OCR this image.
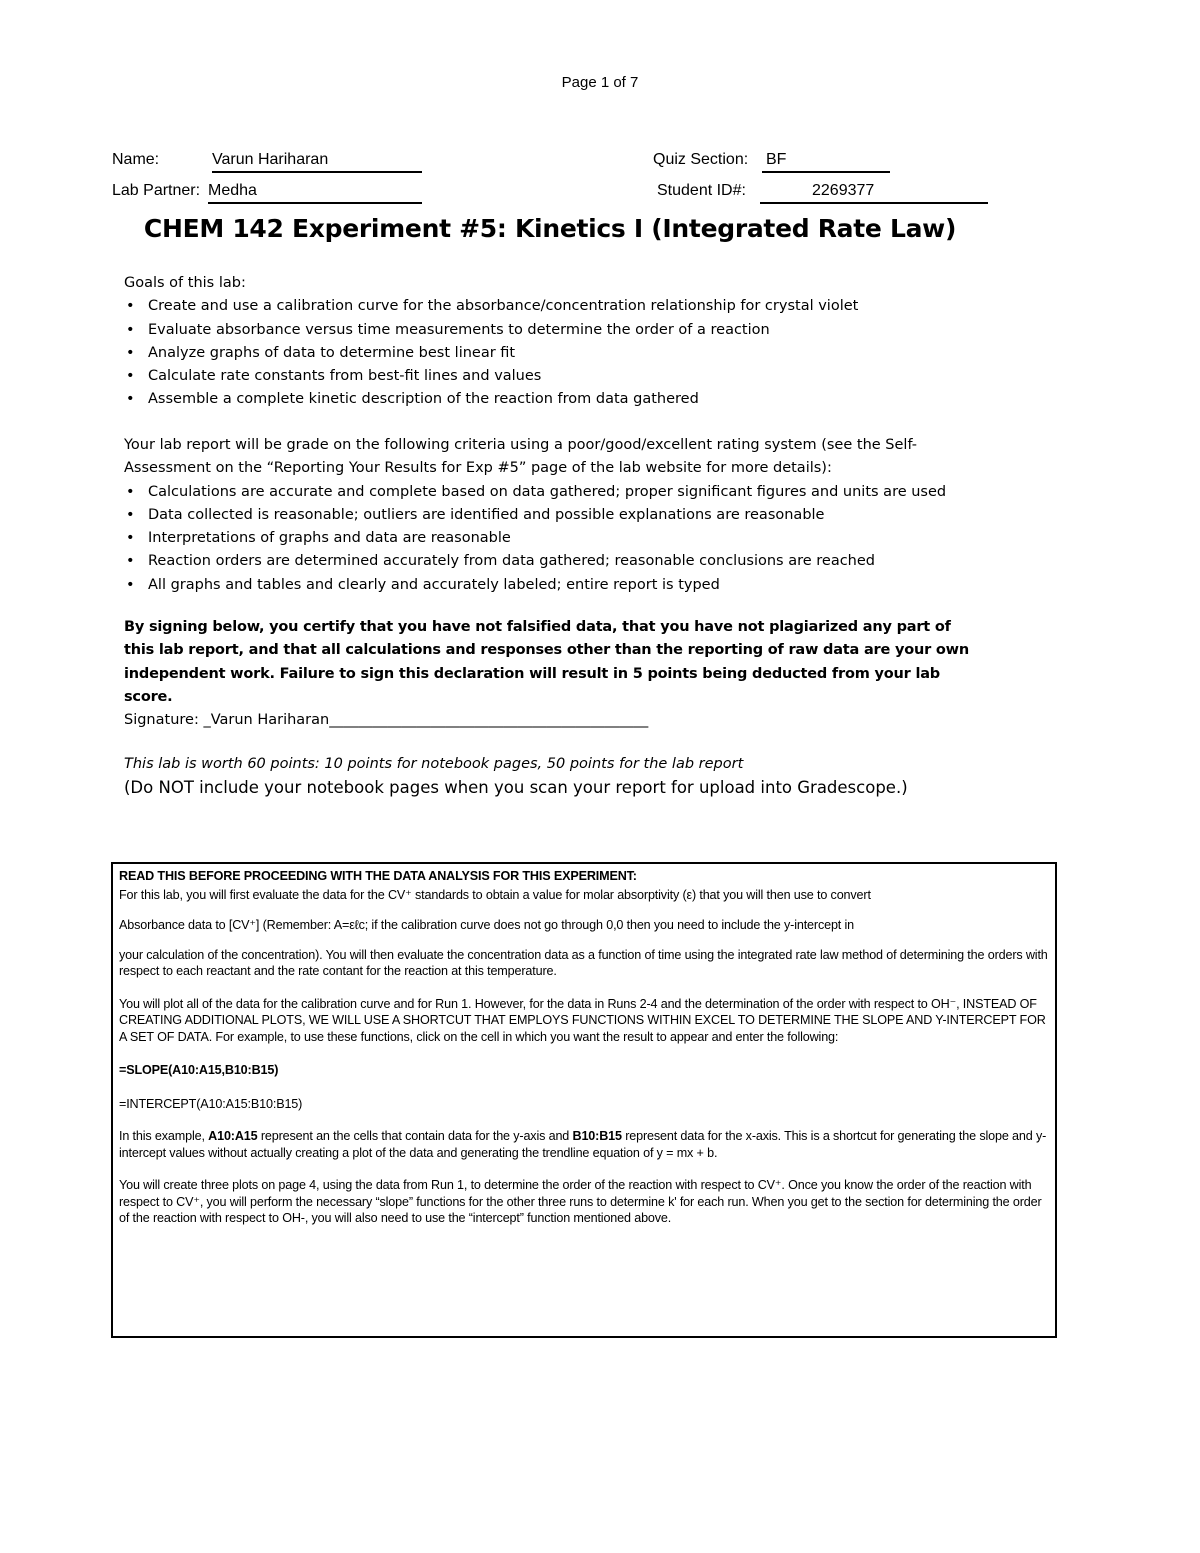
Page 1 of 7
Name:	Varun Hariharan
Lab Partner: Medha
Quiz Section: BF
Student ID#:	2269377
CHEM 142 Experiment #5: Kinetics I (Integrated Rate Law)

Goals of this lab:

• Create and use a calibration curve for the absorbance/concentration relationship for crystal violet
• Evaluate absorbance versus time measurements to determine the order of a reaction
• Analyze graphs of data to determine best linear fit
• Calculate rate constants from best-fit lines and values
• Assemble a complete kinetic description of the reaction from data gathered

Your lab report will be grade on the following criteria using a poor/good/excellent rating system (see the Self-Assessment on the “Reporting Your Results for Exp #5” page of the lab website for more details):

• Calculations are accurate and complete based on data gathered; proper significant figures and units are used
• Data collected is reasonable; outliers are identified and possible explanations are reasonable
• Interpretations of graphs and data are reasonable
• Reaction orders are determined accurately from data gathered; reasonable conclusions are reached
• All graphs and tables and clearly and accurately labeled; entire report is typed
By signing below, you certify that you have not falsified data, that you have not plagiarized any part of this lab report, and that all calculations and responses other than the reporting of raw data are your own independent work. Failure to sign this declaration will result in 5 points being deducted from your lab score.
Signature: _Varun Hariharan____________________________________________
This lab is worth 60 points: 10 points for notebook pages, 50 points for the lab report
(Do NOT include your notebook pages when you scan your report for upload into Gradescope.)

READ THIS BEFORE PROCEEDING WITH THE DATA ANALYSIS FOR THIS EXPERIMENT:

For this lab, you will first evaluate the data for the CV⁺ standards to obtain a value for molar absorptivity (ε) that you will then use to convert

Absorbance data to [CV⁺] (Remember: A=εℓc; if the calibration curve does not go through 0,0 then you need to include the y-intercept in

your calculation of the concentration). You will then evaluate the concentration data as a function of time using the integrated rate law method of determining the orders with respect to each reactant and the rate contant for the reaction at this temperature.

You will plot all of the data for the calibration curve and for Run 1. However, for the data in Runs 2-4 and the determination of the order with respect to OH⁻, INSTEAD OF CREATING ADDITIONAL PLOTS, WE WILL USE A SHORTCUT THAT EMPLOYS FUNCTIONS WITHIN EXCEL TO DETERMINE THE SLOPE AND Y-INTERCEPT FOR A SET OF DATA. For example, to use these functions, click on the cell in which you want the result to appear and enter the following:

=SLOPE(A10:A15,B10:B15)

=INTERCEPT(A10:A15:B10:B15)

In this example, A10:A15 represent an the cells that contain data for the y-axis and B10:B15 represent data for the x-axis. This is a shortcut for generating the slope and y-intercept values without actually creating a plot of the data and generating the trendline equation of y = mx + b.

You will create three plots on page 4, using the data from Run 1, to determine the order of the reaction with respect to CV⁺. Once you know the order of the reaction with respect to CV⁺, you will perform the necessary “slope” functions for the other three runs to determine k' for each run. When you get to the section for determining the order of the reaction with respect to OH-, you will also need to use the “intercept” function mentioned above.
